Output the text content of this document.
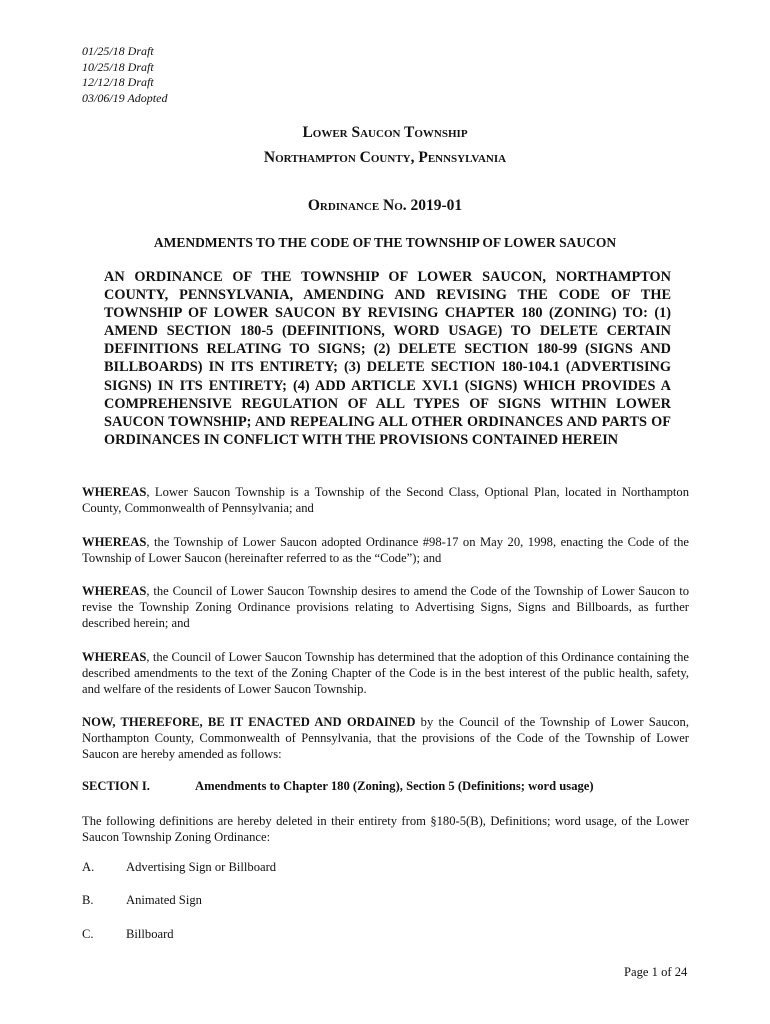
01/25/18 Draft
10/25/18 Draft
12/12/18 Draft
03/06/19 Adopted
Lower Saucon Township
Northampton County, Pennsylvania
Ordinance No. 2019-01
AMENDMENTS TO THE CODE OF THE TOWNSHIP OF LOWER SAUCON
AN ORDINANCE OF THE TOWNSHIP OF LOWER SAUCON, NORTHAMPTON COUNTY, PENNSYLVANIA, AMENDING AND REVISING THE CODE OF THE TOWNSHIP OF LOWER SAUCON BY REVISING CHAPTER 180 (ZONING) TO: (1) AMEND SECTION 180-5 (DEFINITIONS, WORD USAGE) TO DELETE CERTAIN DEFINITIONS RELATING TO SIGNS; (2) DELETE SECTION 180-99 (SIGNS AND BILLBOARDS) IN ITS ENTIRETY; (3) DELETE SECTION 180-104.1 (ADVERTISING SIGNS) IN ITS ENTIRETY; (4) ADD ARTICLE XVI.1 (SIGNS) WHICH PROVIDES A COMPREHENSIVE REGULATION OF ALL TYPES OF SIGNS WITHIN LOWER SAUCON TOWNSHIP; AND REPEALING ALL OTHER ORDINANCES AND PARTS OF ORDINANCES IN CONFLICT WITH THE PROVISIONS CONTAINED HEREIN
WHEREAS, Lower Saucon Township is a Township of the Second Class, Optional Plan, located in Northampton County, Commonwealth of Pennsylvania; and
WHEREAS, the Township of Lower Saucon adopted Ordinance #98-17 on May 20, 1998, enacting the Code of the Township of Lower Saucon (hereinafter referred to as the “Code”); and
WHEREAS, the Council of Lower Saucon Township desires to amend the Code of the Township of Lower Saucon to revise the Township Zoning Ordinance provisions relating to Advertising Signs, Signs and Billboards, as further described herein; and
WHEREAS, the Council of Lower Saucon Township has determined that the adoption of this Ordinance containing the described amendments to the text of the Zoning Chapter of the Code is in the best interest of the public health, safety, and welfare of the residents of Lower Saucon Township.
NOW, THEREFORE, BE IT ENACTED AND ORDAINED by the Council of the Township of Lower Saucon, Northampton County, Commonwealth of Pennsylvania, that the provisions of the Code of the Township of Lower Saucon are hereby amended as follows:
SECTION I.	Amendments to Chapter 180 (Zoning), Section 5 (Definitions; word usage)
The following definitions are hereby deleted in their entirety from §180-5(B), Definitions; word usage, of the Lower Saucon Township Zoning Ordinance:
A.	Advertising Sign or Billboard
B.	Animated Sign
C.	Billboard
Page 1 of 24
